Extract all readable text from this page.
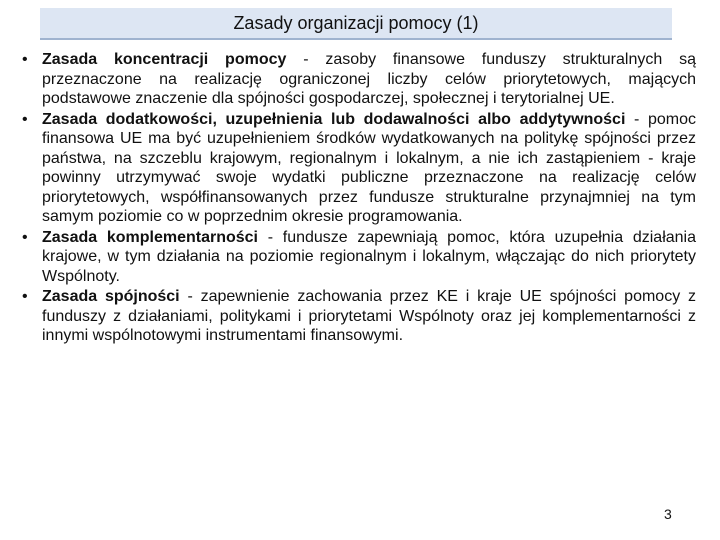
Zasady organizacji pomocy (1)
• Zasada koncentracji pomocy - zasoby finansowe funduszy strukturalnych są przeznaczone na realizację ograniczonej liczby celów priorytetowych, mających podstawowe znaczenie dla spójności gospodarczej, społecznej i terytorialnej UE.
• Zasada dodatkowości, uzupełnienia lub dodawalności albo addytywności - pomoc finansowa UE ma być uzupełnieniem środków wydatkowanych na politykę spójności przez państwa, na szczeblu krajowym, regionalnym i lokalnym, a nie ich zastąpieniem - kraje powinny utrzymywać swoje wydatki publiczne przeznaczone na realizację celów priorytetowych, współfinansowanych przez fundusze strukturalne przynajmniej na tym samym poziomie co w poprzednim okresie programowania.
• Zasada komplementarności - fundusze zapewniają pomoc, która uzupełnia działania krajowe, w tym działania na poziomie regionalnym i lokalnym, włączając do nich priorytety Wspólnoty.
• Zasada spójności - zapewnienie zachowania przez KE i kraje UE spójności pomocy z funduszy z działaniami, politykami i priorytetami Wspólnoty oraz jej komplementarności z innymi wspólnotowymi instrumentami finansowymi.
3
